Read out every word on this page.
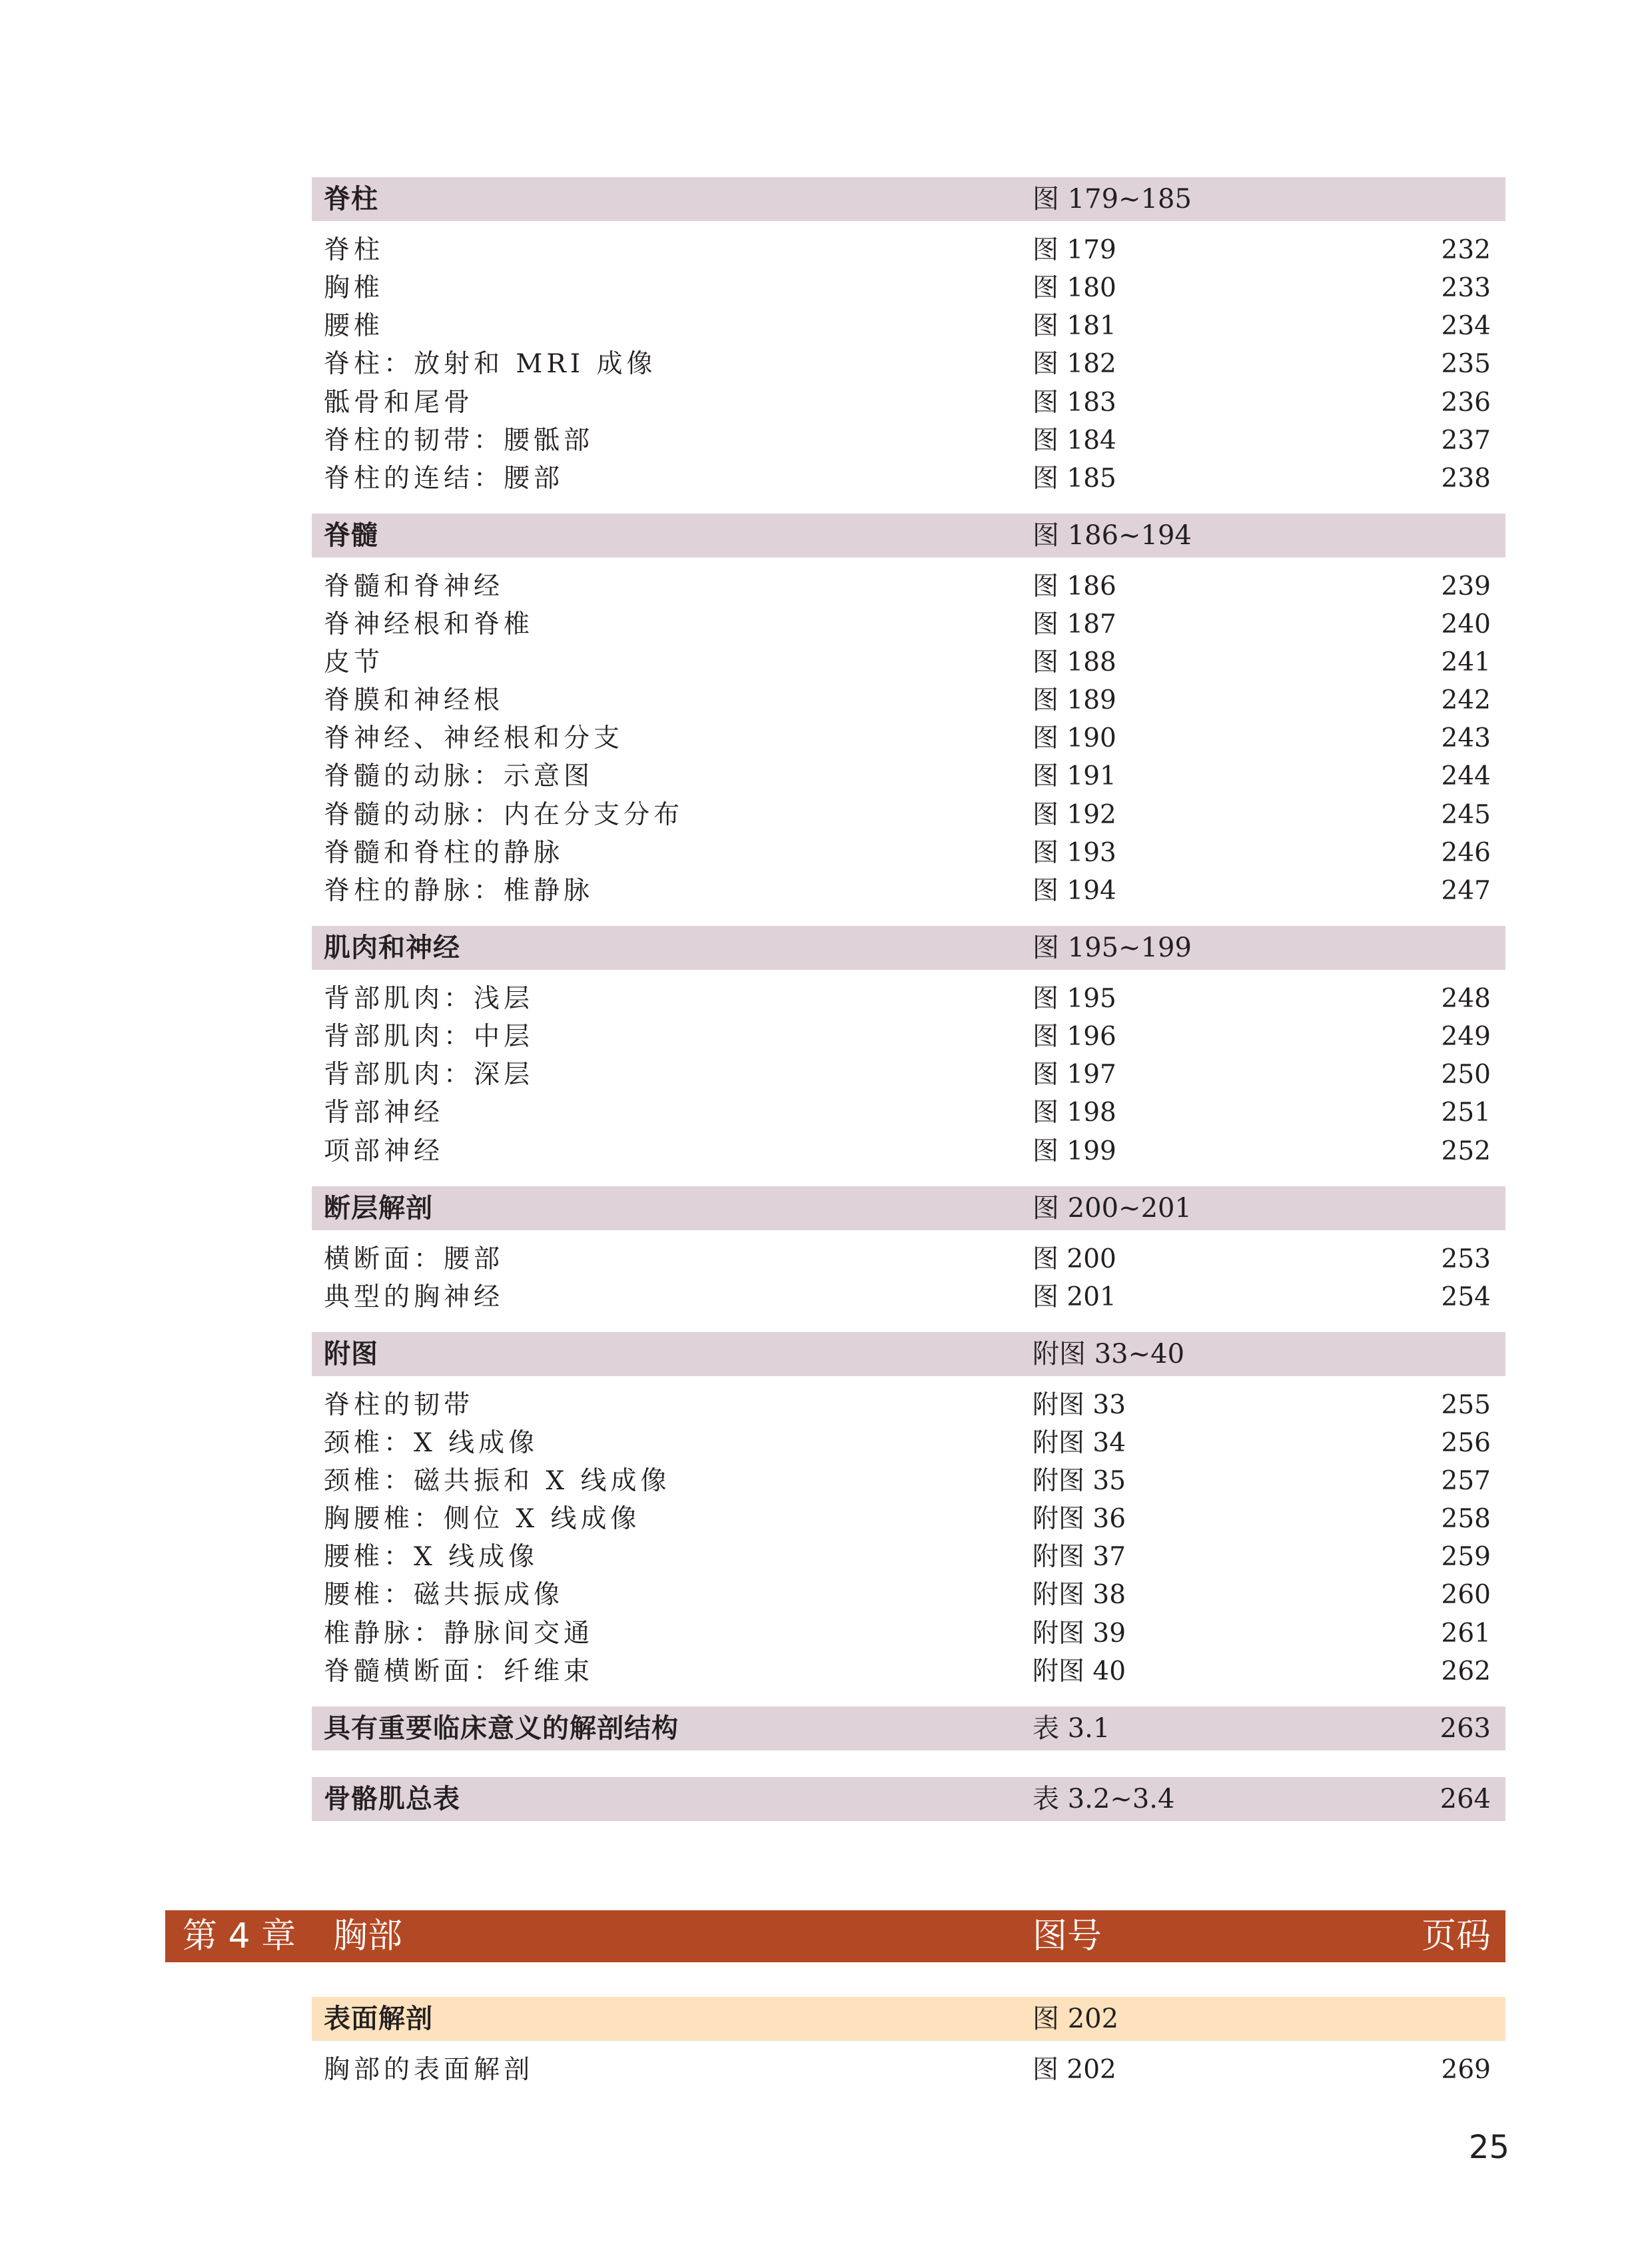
脊柱	图 179~185
脊柱	图 179	232
胸椎	图 180	233
腰椎	图 181	234
脊柱：放射和 MRI 成像	图 182	235
骶骨和尾骨	图 183	236
脊柱的韧带：腰骶部	图 184	237
脊柱的连结：腰部	图 185	238
脊髓	图 186~194
脊髓和脊神经	图 186	239
脊神经根和脊椎	图 187	240
皮节	图 188	241
脊膜和神经根	图 189	242
脊神经、神经根和分支	图 190	243
脊髓的动脉：示意图	图 191	244
脊髓的动脉：内在分支分布	图 192	245
脊髓和脊柱的静脉	图 193	246
脊柱的静脉：椎静脉	图 194	247
肌肉和神经	图 195~199
背部肌肉：浅层	图 195	248
背部肌肉：中层	图 196	249
背部肌肉：深层	图 197	250
背部神经	图 198	251
项部神经	图 199	252
断层解剖	图 200~201
横断面：腰部	图 200	253
典型的胸神经	图 201	254
附图	附图 33~40
脊柱的韧带	附图 33	255
颈椎：X 线成像	附图 34	256
颈椎：磁共振和 X 线成像	附图 35	257
胸腰椎：侧位 X 线成像	附图 36	258
腰椎：X 线成像	附图 37	259
腰椎：磁共振成像	附图 38	260
椎静脉：静脉间交通	附图 39	261
脊髓横断面：纤维束	附图 40	262
具有重要临床意义的解剖结构	表 3.1	263
骨骼肌总表	表 3.2~3.4	264
第 4 章 胸部	图号	页码
表面解剖	图 202
胸部的表面解剖	图 202	269
25
